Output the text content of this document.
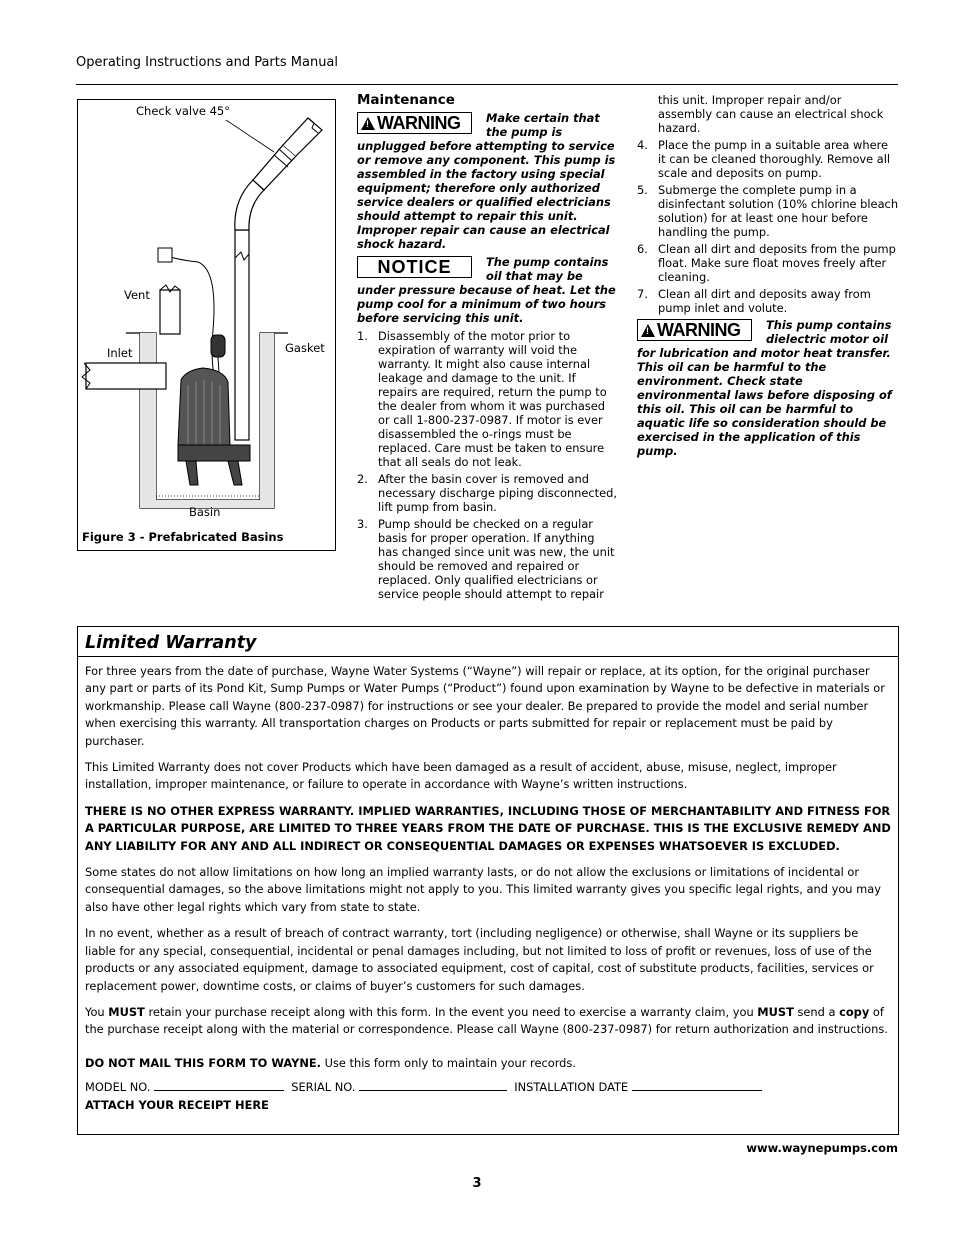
Operating Instructions and Parts Manual
Check valve 45°
Vent
Inlet	Gasket
Basin
Figure 3 - Prefabricated Basins
Maintenance
!
WARNING	Make certain that the pump is unplugged before attempting to service or remove any component. This pump is assembled in the factory using special equipment; therefore only authorized service dealers or qualified electricians should attempt to repair this unit. Improper repair can cause an electrical shock hazard.

NOTICE	The pump contains oil that may be under pressure because of heat. Let the pump cool for a minimum of two hours before servicing this unit.

1. Disassembly of the motor prior to expiration of warranty will void the warranty. It might also cause internal leakage and damage to the unit. If repairs are required, return the pump to the dealer from whom it was purchased or call 1-800-237-0987. If motor is ever disassembled the o-rings must be replaced. Care must be taken to ensure that all seals do not leak.
2. After the basin cover is removed and necessary discharge piping disconnected, lift pump from basin.
3. Pump should be checked on a regular basis for proper operation. If anything has changed since unit was new, the unit should be removed and repaired or replaced. Only qualified electricians or service people should attempt to repair
this unit. Improper repair and/or assembly can cause an electrical shock hazard.
4. Place the pump in a suitable area where it can be cleaned thoroughly. Remove all scale and deposits on pump.
5. Submerge the complete pump in a disinfectant solution (10% chlorine bleach solution) for at least one hour before handling the pump.
6. Clean all dirt and deposits from the pump float. Make sure float moves freely after cleaning.
7. Clean all dirt and deposits away from pump inlet and volute.
!
WARNING	This pump contains dielectric motor oil for lubrication and motor heat transfer. This oil can be harmful to the environment. Check state environmental laws before disposing of this oil. This oil can be harmful to aquatic life so consideration should be exercised in the application of this pump.

Limited Warranty

For three years from the date of purchase, Wayne Water Systems (“Wayne”) will repair or replace, at its option, for the original purchaser any part or parts of its Pond Kit, Sump Pumps or Water Pumps (“Product”) found upon examination by Wayne to be defective in materials or workmanship. Please call Wayne (800-237-0987) for instructions or see your dealer. Be prepared to provide the model and serial number when exercising this warranty. All transportation charges on Products or parts submitted for repair or replacement must be paid by purchaser.

This Limited Warranty does not cover Products which have been damaged as a result of accident, abuse, misuse, neglect, improper installation, improper maintenance, or failure to operate in accordance with Wayne’s written instructions.

THERE IS NO OTHER EXPRESS WARRANTY. IMPLIED WARRANTIES, INCLUDING THOSE OF MERCHANTABILITY AND FITNESS FOR A PARTICULAR PURPOSE, ARE LIMITED TO THREE YEARS FROM THE DATE OF PURCHASE. THIS IS THE EXCLUSIVE REMEDY AND ANY LIABILITY FOR ANY AND ALL INDIRECT OR CONSEQUENTIAL DAMAGES OR EXPENSES WHATSOEVER IS EXCLUDED.

Some states do not allow limitations on how long an implied warranty lasts, or do not allow the exclusions or limitations of incidental or consequential damages, so the above limitations might not apply to you. This limited warranty gives you specific legal rights, and you may also have other legal rights which vary from state to state.

In no event, whether as a result of breach of contract warranty, tort (including negligence) or otherwise, shall Wayne or its suppliers be liable for any special, consequential, incidental or penal damages including, but not limited to loss of profit or revenues, loss of use of the products or any associated equipment, damage to associated equipment, cost of capital, cost of substitute products, facilities, services or replacement power, downtime costs, or claims of buyer’s customers for such damages.

You MUST retain your purchase receipt along with this form. In the event you need to exercise a warranty claim, you MUST send a copy of the purchase receipt along with the material or correspondence. Please call Wayne (800-237-0987) for return authorization and instructions.

DO NOT MAIL THIS FORM TO WAYNE. Use this form only to maintain your records.

MODEL NO.	SERIAL NO.	INSTALLATION DATE
ATTACH YOUR RECEIPT HERE
www.waynepumps.com
3
